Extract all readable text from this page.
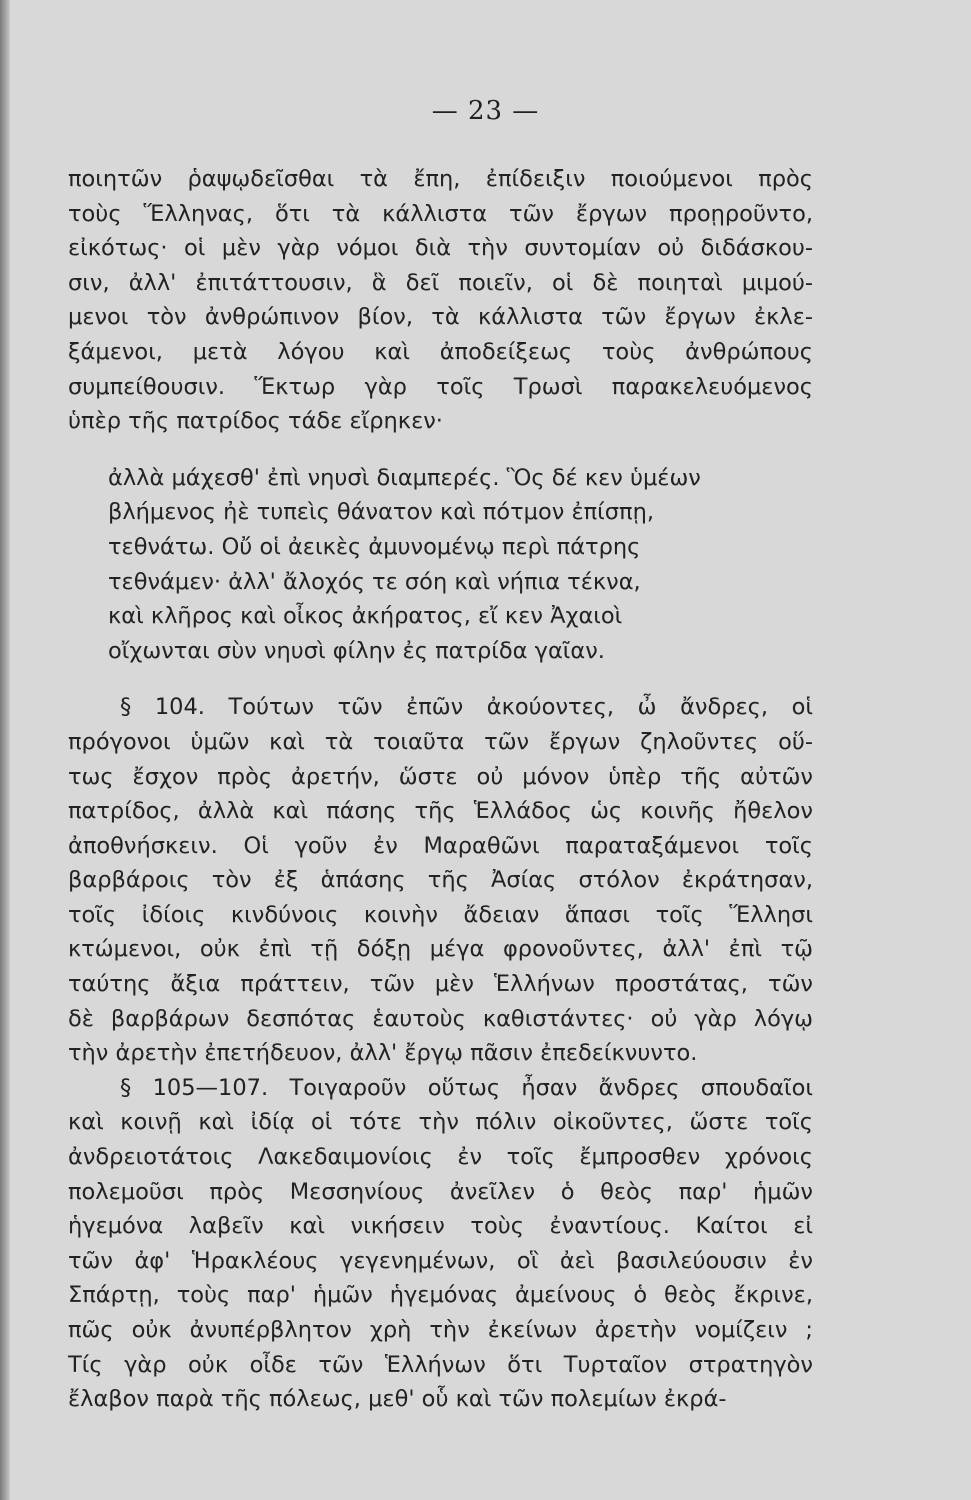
— 23 —
ποιητῶν ῥαψῳδεῖσθαι τὰ ἔπη, ἐπίδειξιν ποιούμενοι πρὸς
τοὺς Ἕλληνας, ὅτι τὰ κάλλιστα τῶν ἔργων προῃροῦντο,
εἰκότως· οἱ μὲν γὰρ νόμοι διὰ τὴν συντομίαν οὐ διδάσκου-
σιν, ἀλλ' ἐπιτάττουσιν, ἃ δεῖ ποιεῖν, οἱ δὲ ποιηταὶ μιμού-
μενοι τὸν ἀνθρώπινον βίον, τὰ κάλλιστα τῶν ἔργων ἐκλε-
ξάμενοι, μετὰ λόγου καὶ ἀποδείξεως τοὺς ἀνθρώπους
συμπείθουσιν. Ἕκτωρ γὰρ τοῖς Τρωσὶ παρακελευόμενος
ὑπὲρ τῆς πατρίδος τάδε εἴρηκεν·
ἀλλὰ μάχεσθ' ἐπὶ νηυσὶ διαμπερές. Ὃς δέ κεν ὑμέων
βλήμενος ἠὲ τυπεὶς θάνατον καὶ πότμον ἐπίσπῃ,
τεθνάτω. Οὔ οἱ ἀεικὲς ἀμυνομένῳ περὶ πάτρης
τεθνάμεν· ἀλλ' ἄλοχός τε σόη καὶ νήπια τέκνα,
καὶ κλῆρος καὶ οἶκος ἀκήρατος, εἴ κεν Ἀχαιοὶ
οἴχωνται σὺν νηυσὶ φίλην ἐς πατρίδα γαῖαν.
§ 104. Τούτων τῶν ἐπῶν ἀκούοντες, ὦ ἄνδρες, οἱ
πρόγονοι ὑμῶν καὶ τὰ τοιαῦτα τῶν ἔργων ζηλοῦντες οὕ-
τως ἔσχον πρὸς ἀρετήν, ὥστε οὐ μόνον ὑπὲρ τῆς αὐτῶν
πατρίδος, ἀλλὰ καὶ πάσης τῆς Ἑλλάδος ὡς κοινῆς ἤθελον
ἀποθνήσκειν. Οἱ γοῦν ἐν Μαραθῶνι παραταξάμενοι τοῖς
βαρβάροις τὸν ἐξ ἁπάσης τῆς Ἀσίας στόλον ἐκράτησαν,
τοῖς ἰδίοις κινδύνοις κοινὴν ἄδειαν ἅπασι τοῖς Ἕλλησι
κτώμενοι, οὐκ ἐπὶ τῇ δόξῃ μέγα φρονοῦντες, ἀλλ' ἐπὶ τῷ
ταύτης ἄξια πράττειν, τῶν μὲν Ἑλλήνων προστάτας, τῶν
δὲ βαρβάρων δεσπότας ἑαυτοὺς καθιστάντες· οὐ γὰρ λόγῳ
τὴν ἀρετὴν ἐπετήδευον, ἀλλ' ἔργῳ πᾶσιν ἐπεδείκνυντο.
§ 105—107. Τοιγαροῦν οὕτως ἦσαν ἄνδρες σπουδαῖοι
καὶ κοινῇ καὶ ἰδίᾳ οἱ τότε τὴν πόλιν οἰκοῦντες, ὥστε τοῖς
ἀνδρειοτάτοις Λακεδαιμονίοις ἐν τοῖς ἔμπροσθεν χρόνοις
πολεμοῦσι πρὸς Μεσσηνίους ἀνεῖλεν ὁ θεὸς παρ' ἡμῶν
ἡγεμόνα λαβεῖν καὶ νικήσειν τοὺς ἐναντίους. Καίτοι εἰ
τῶν ἀφ' Ἡρακλέους γεγενημένων, οἳ ἀεὶ βασιλεύουσιν ἐν
Σπάρτῃ, τοὺς παρ' ἡμῶν ἡγεμόνας ἀμείνους ὁ θεὸς ἔκρινε,
πῶς οὐκ ἀνυπέρβλητον χρὴ τὴν ἐκείνων ἀρετὴν νομίζειν ;
Τίς γὰρ οὐκ οἶδε τῶν Ἑλλήνων ὅτι Τυρταῖον στρατηγὸν
ἔλαβον παρὰ τῆς πόλεως, μεθ' οὗ καὶ τῶν πολεμίων ἐκρά-
